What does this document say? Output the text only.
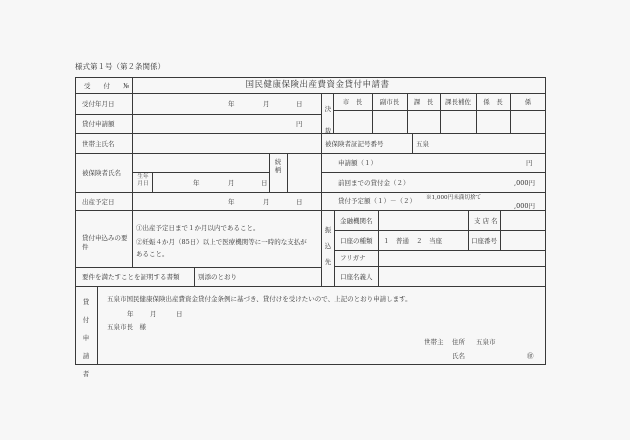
様式第１号（第２条関係）
受　　付　　№	国民健康保険出産費資金貸付申請書
受付年月日	年	月	日
貸付申請額	円
世帯主氏名
被保険者氏名	生年月日	年	月	日
続柄
出産予定日	年	月	日
貸付申込みの要件
①出産予定日まで１か月以内であること。
②妊娠４か月（85日）以上で医療機関等に一時的な支払が
あること。
要件を満たすことを証明する書類	別添のとおり
決裁
市　長	副市長	課　長	課長補佐	係　長	係
被保険者証記号番号	五泉
申請額（１）	円
前回までの貸付金（２）	,000円
貸付予定額（１）－（２） ※1,000円未満切捨て
,000円
振込先
金融機関名	支 店 名
口座の種類 １　 普通 ２　 当座	口座番号
フリガナ
口座名義人
貸付申請者
五泉市国民健康保険出産費資金貸付金条例に基づき、貸付けを受けたいので、上記のとおり申請します。
年	月	日
五泉市長　様
世帯主 住所 五泉市
氏名	㊞
